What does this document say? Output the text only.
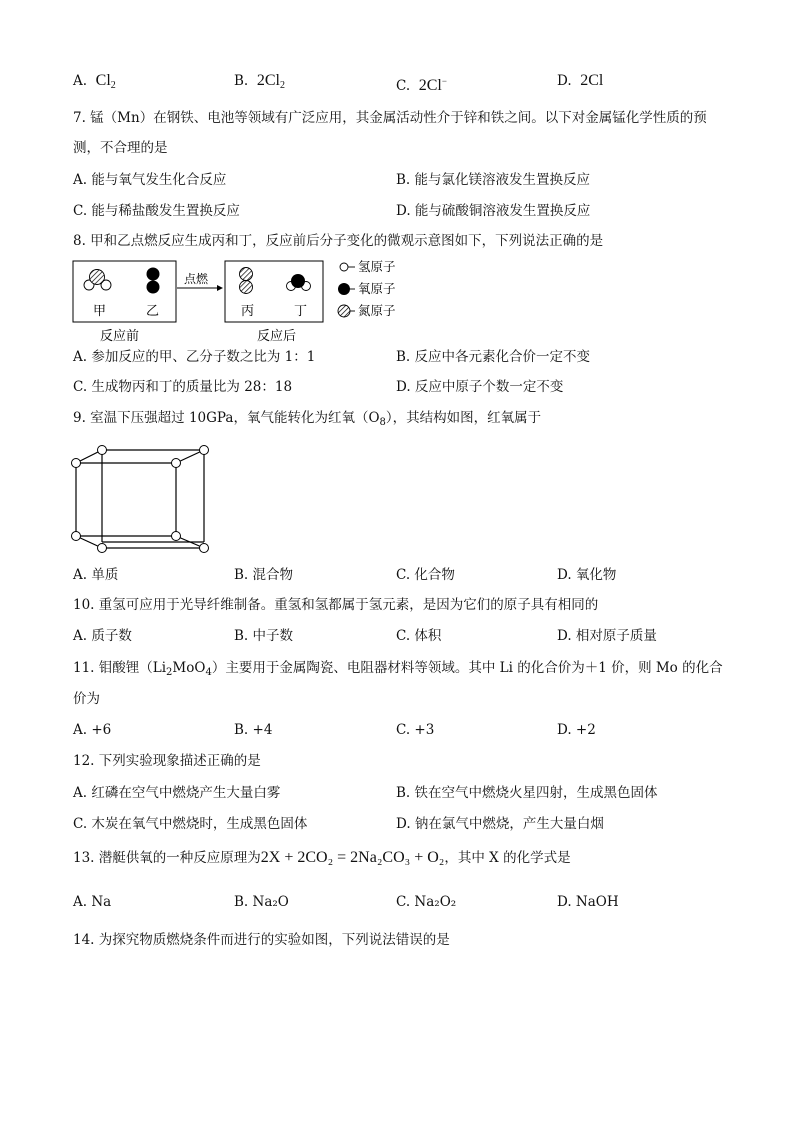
A. $Cl_2$	B. $2Cl_2$	C. 2Cl−	D. 2Cl
7. 锰（Mn）在钢铁、电池等领域有广泛应用，其金属活动性介于锌和铁之间。以下对金属锰化学性质的预
测，不合理的是
A. 能与氧气发生化合反应	B. 能与氯化镁溶液发生置换反应
C. 能与稀盐酸发生置换反应	D. 能与硫酸铜溶液发生置换反应
8. 甲和乙点燃反应生成丙和丁，反应前后分子变化的微观示意图如下，下列说法正确的是
甲	乙
点燃
丙	丁
反应前	反应后
氢原子
氧原子
氮原子
A. 参加反应的甲、乙分子数之比为 1：1	B. 反应中各元素化合价一定不变
C. 生成物丙和丁的质量比为 28：18	D. 反应中原子个数一定不变
9. 室温下压强超过 10GPa，氧气能转化为红氧$(O_8)$，其结构如图，红氧属于
A. 单质	B. 混合物	C. 化合物	D. 氧化物
10. 重氢可应用于光导纤维制备。重氢和氢都属于氢元素，是因为它们的原子具有相同的
A. 质子数	B. 中子数	C. 体积	D. 相对原子质量
11. 钼酸锂$(Li_2MoO_4)$主要用于金属陶瓷、电阻器材料等领域。其中 Li 的化合价为＋1 价，则 Mo 的化合
价为
A. +6	B. +4	C. +3	D. +2
12. 下列实验现象描述正确的是
A. 红磷在空气中燃烧产生大量白雾	B. 铁在空气中燃烧火星四射，生成黑色固体
C. 木炭在氧气中燃烧时，生成黑色固体	D. 钠在氯气中燃烧，产生大量白烟
13. 潜艇供氧的一种反应原理为2X + 2CO₂ = 2Na₂CO₃ + O₂，其中 X 的化学式是
A. Na	B. Na₂O	C. Na₂O₂	D. NaOH
14. 为探究物质燃烧条件而进行的实验如图，下列说法错误的是
